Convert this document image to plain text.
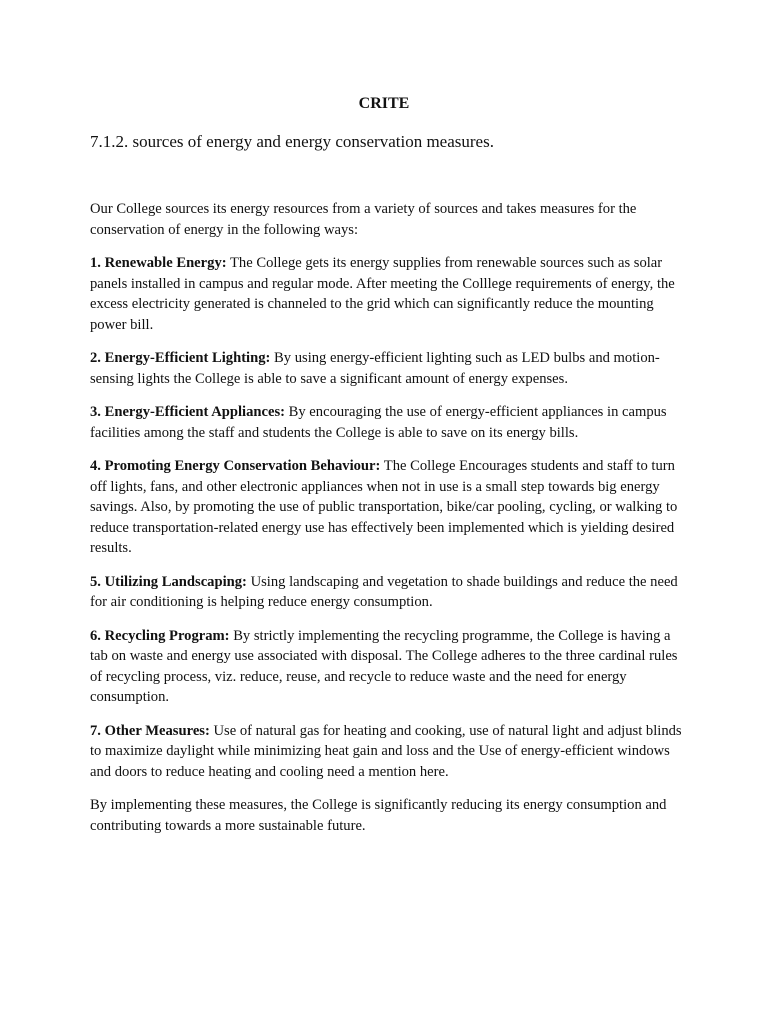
CRITE
7.1.2. sources of energy and energy conservation measures.

Our College sources its energy resources from a variety of sources and takes measures for the conservation of energy in the following ways:

1. Renewable Energy: The College gets its energy supplies from renewable sources such as solar panels installed in campus and regular mode. After meeting the Colllege requirements of energy, the excess electricity generated is channeled to the grid which can significantly reduce the mounting power bill.

2. Energy-Efficient Lighting: By using energy-efficient lighting such as LED bulbs and motion-sensing lights the College is able to save a significant amount of energy expenses.

3. Energy-Efficient Appliances: By encouraging the use of energy-efficient appliances in campus facilities among the staff and students the College is able to save on its energy bills.

4. Promoting Energy Conservation Behaviour: The College Encourages students and staff to turn off lights, fans, and other electronic appliances when not in use is a small step towards big energy savings. Also, by promoting the use of public transportation, bike/car pooling, cycling, or walking to reduce transportation-related energy use has effectively been implemented which is yielding desired results.

5. Utilizing Landscaping: Using landscaping and vegetation to shade buildings and reduce the need for air conditioning is helping reduce energy consumption.

6. Recycling Program: By strictly implementing the recycling programme, the College is having a tab on waste and energy use associated with disposal. The College adheres to the three cardinal rules of recycling process, viz. reduce, reuse, and recycle to reduce waste and the need for energy consumption.

7. Other Measures: Use of natural gas for heating and cooking, use of natural light and adjust blinds to maximize daylight while minimizing heat gain and loss and the Use of energy-efficient windows and doors to reduce heating and cooling need a mention here.

By implementing these measures, the College is significantly reducing its energy consumption and contributing towards a more sustainable future.
